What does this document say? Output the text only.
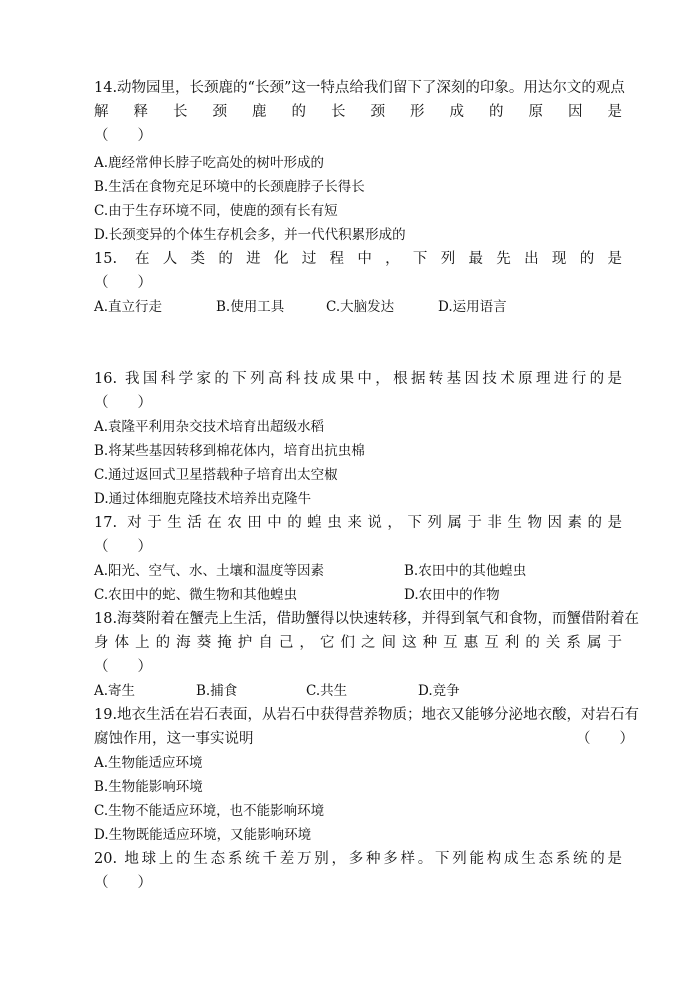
14.动物园里，长颈鹿的“长颈”这一特点给我们留下了深刻的印象。用达尔文的观点
解释长颈鹿的长颈形成的原因是
（　　）
A.鹿经常伸长脖子吃高处的树叶形成的
B.生活在食物充足环境中的长颈鹿脖子长得长
C.由于生存环境不同，使鹿的颈有长有短
D.长颈变异的个体生存机会多，并一代代积累形成的
15. 在人类的进化过程中，下列最先出现的是
（　　）
A.直立行走	B.使用工具	C.大脑发达	D.运用语言
16. 我国科学家的下列高科技成果中，根据转基因技术原理进行的是
（　　）
A.袁隆平利用杂交技术培育出超级水稻
B.将某些基因转移到棉花体内，培育出抗虫棉
C.通过返回式卫星搭载种子培育出太空椒
D.通过体细胞克隆技术培养出克隆牛
17. 对于生活在农田中的蝗虫来说，下列属于非生物因素的是
（　　）
A.阳光、空气、水、土壤和温度等因素	B.农田中的其他蝗虫
C.农田中的蛇、微生物和其他蝗虫	D.农田中的作物
18.海葵附着在蟹壳上生活，借助蟹得以快速转移，并得到氧气和食物，而蟹借附着在
身体上的海葵掩护自己，它们之间这种互惠互利的关系属于
（　　）
A.寄生	B.捕食	C.共生	D.竞争
19.地衣生活在岩石表面，从岩石中获得营养物质；地衣又能够分泌地衣酸，对岩石有
腐蚀作用，这一事实说明	（　　）
A.生物能适应环境
B.生物能影响环境
C.生物不能适应环境，也不能影响环境
D.生物既能适应环境，又能影响环境
20. 地球上的生态系统千差万别，多种多样。下列能构成生态系统的是
（　　）
